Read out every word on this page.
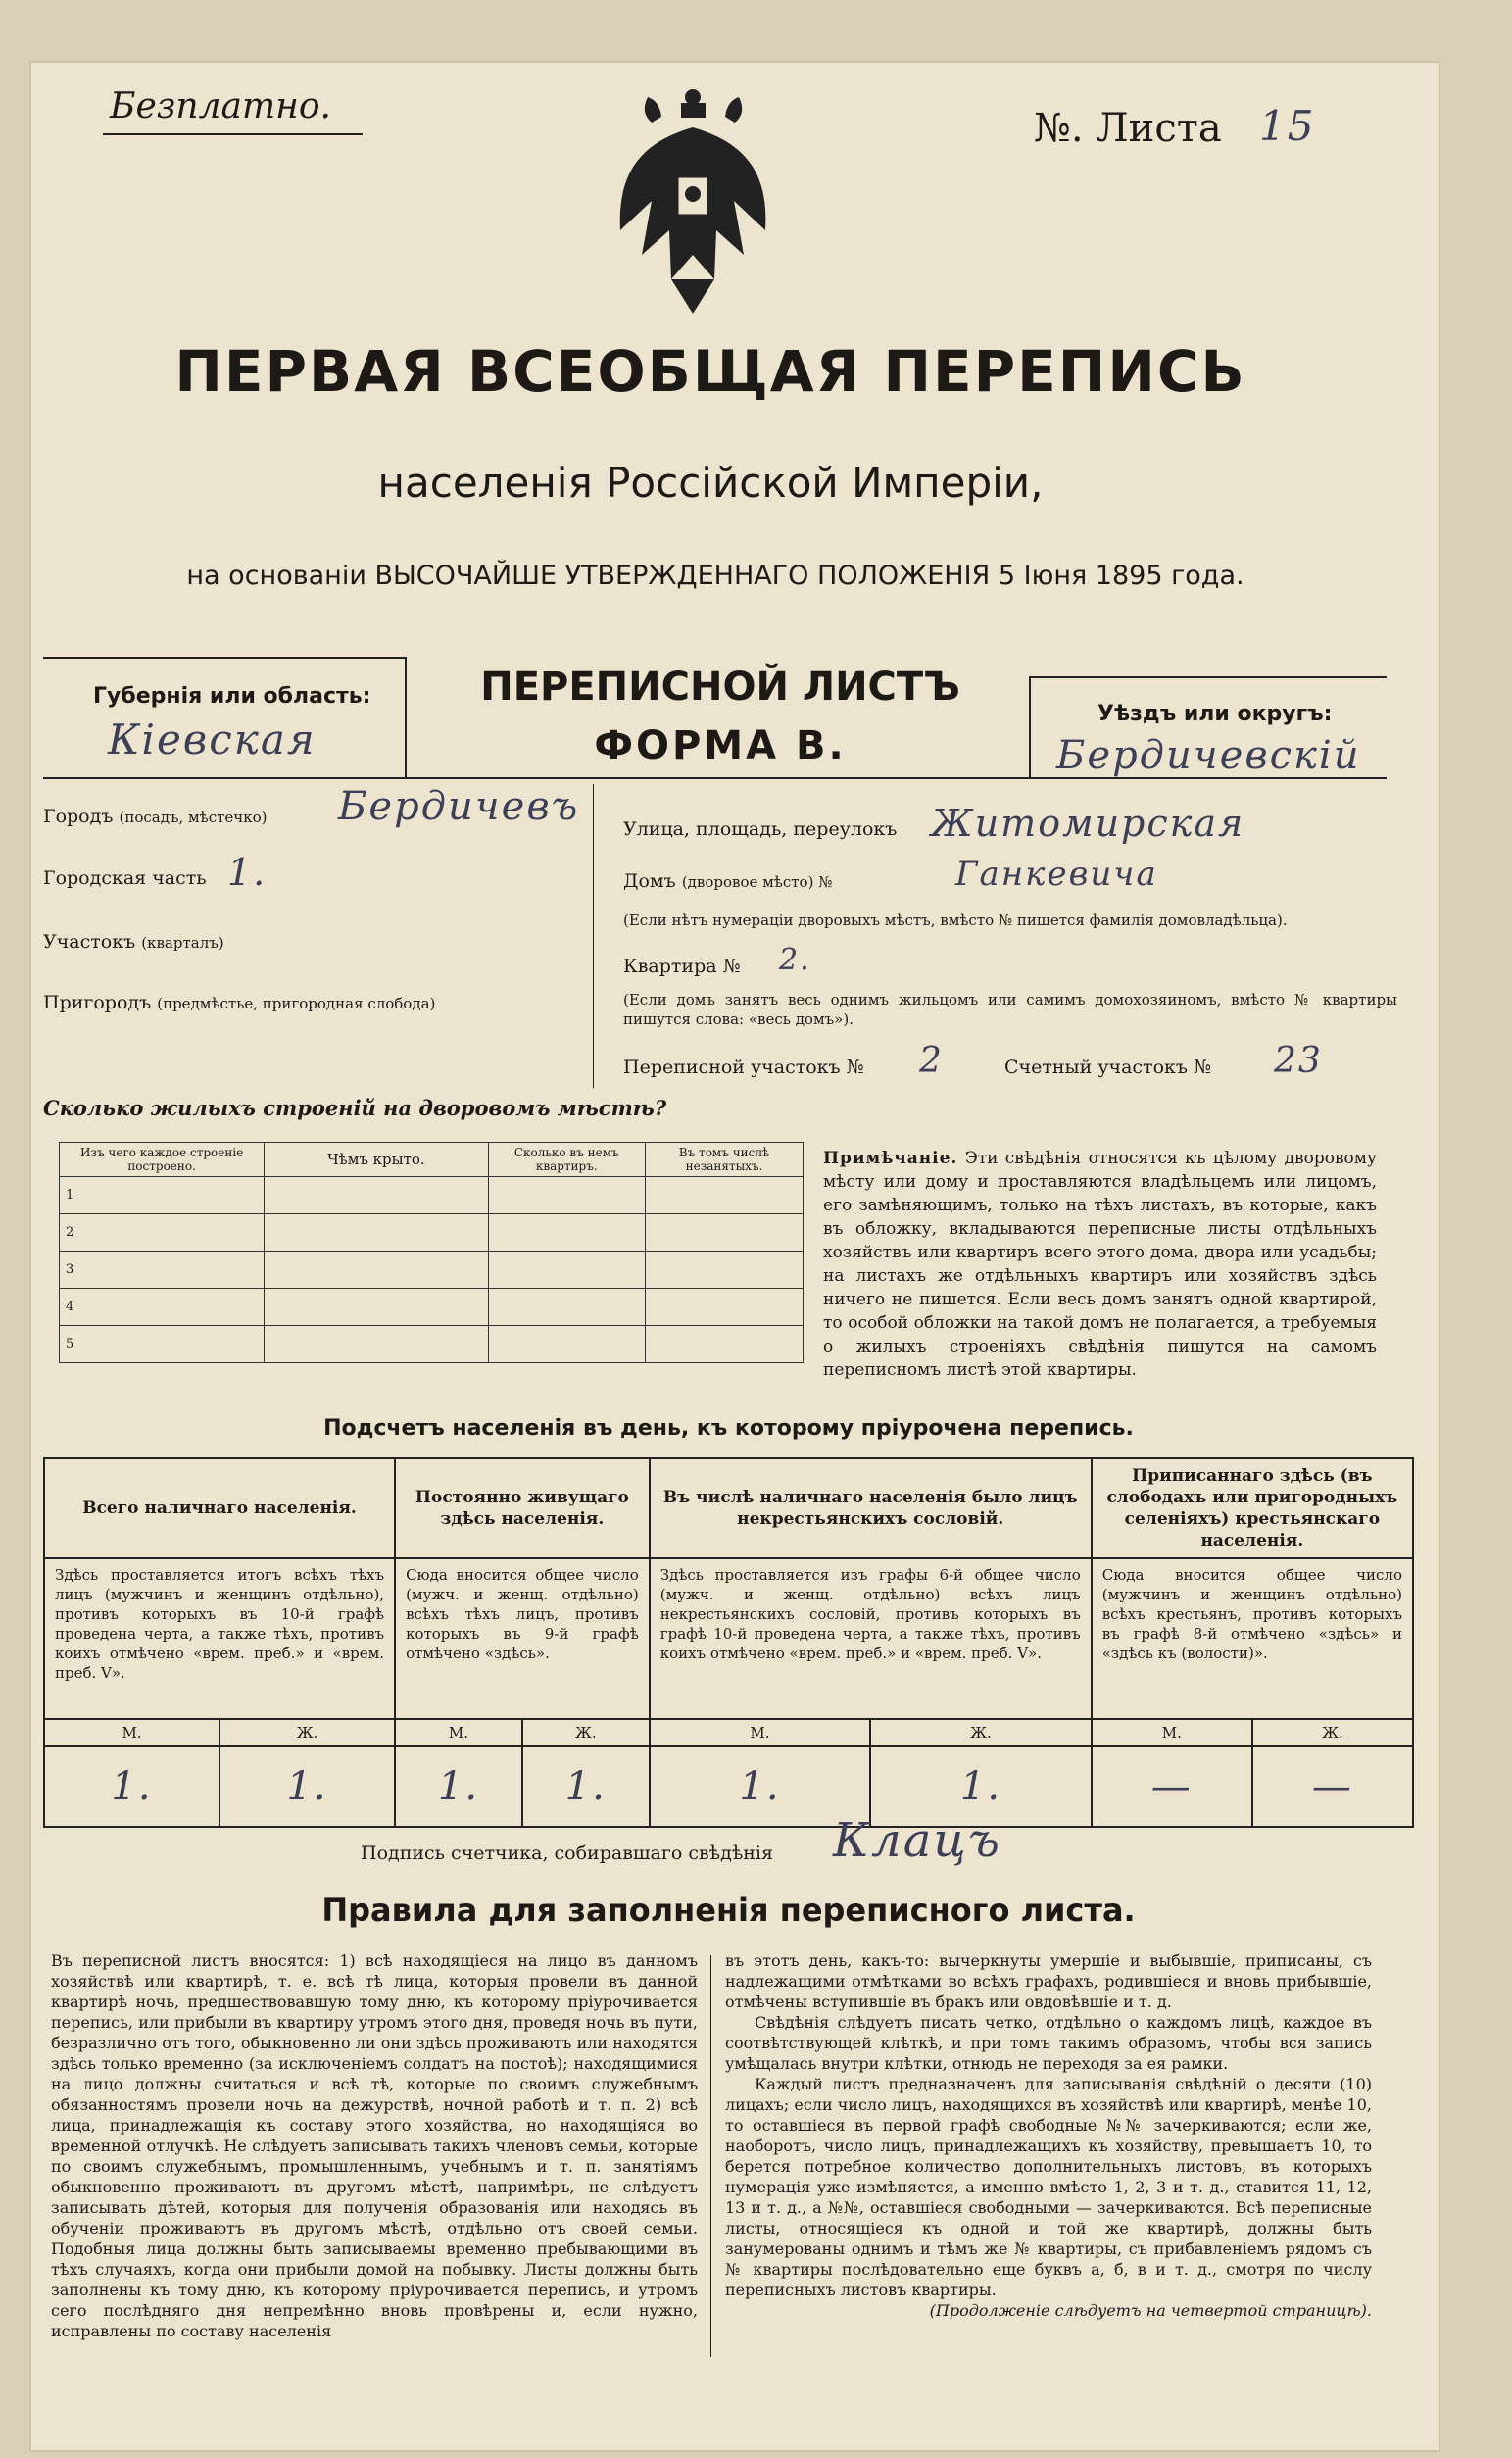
Безплатно.	№. Листа 15
ПЕРВАЯ ВСЕОБЩАЯ ПЕРЕПИСЬ
населенія Россійской Имперіи,
на основаніи ВЫСОЧАЙШЕ УТВЕРЖДЕННАГО ПОЛОЖЕНІЯ 5 Іюня 1895 года.
Губернія или область:
Кіевская
ПЕРЕПИСНОЙ ЛИСТЪ
ФОРМА В.
Уѣздъ или округъ:
Бердичевскій
Городъ (посадъ, мѣстечко) Бердичевъ
Городская часть 1.
Участокъ (кварталъ)
Пригородъ (предмѣстье, пригородная слобода)
Улица, площадь, переулокъ Житомирская
Домъ (дворовое мѣсто) №	Ганкевича
(Если нѣтъ нумераціи дворовыхъ мѣстъ, вмѣсто № пишется фамилія домовладѣльца).
Квартира № 2.
(Если домъ занятъ весь однимъ жильцомъ или самимъ домохозяиномъ, вмѣсто № квартиры пишутся слова: «весь домъ»).
Переписной участокъ № 2	Счетный участокъ № 23
Сколько жилыхъ строеній на дворовомъ мѣстѣ?
Изъ чего каждое строеніе построено.	Чѣмъ крыто.	Сколько въ немъ квартиръ.	Въ томъ числѣ незанятыхъ.
1			
2			
3			
4			
5			
Примѣчаніе. Эти свѣдѣнія относятся къ цѣлому дворовому мѣсту или дому и проставляются владѣльцемъ или лицомъ, его замѣняющимъ, только на тѣхъ листахъ, въ которые, какъ въ обложку, вкладываются переписные листы отдѣльныхъ хозяйствъ или квартиръ всего этого дома, двора или усадьбы; на листахъ же отдѣльныхъ квартиръ или хозяйствъ здѣсь ничего не пишется. Если весь домъ занятъ одной квартирой, то особой обложки на такой домъ не полагается, а требуемыя о жилыхъ строеніяхъ свѣдѣнія пишутся на самомъ переписномъ листѣ этой квартиры.
Подсчетъ населенія въ день, къ которому пріурочена перепись.
Всего наличнаго населенія.		Постоянно живущаго здѣсь населенія.		Въ числѣ наличнаго населенія было лицъ некрестьянскихъ сословій.		Приписаннаго здѣсь (въ слободахъ или пригородныхъ селеніяхъ) крестьянскаго населенія.	
Здѣсь проставляется итогъ всѣхъ тѣхъ лицъ (мужчинъ и женщинъ отдѣльно), противъ которыхъ въ 10-й графѣ проведена черта, а также тѣхъ, противъ коихъ отмѣчено «врем. преб.» и «врем. преб. V».		Сюда вносится общее число (мужч. и женщ. отдѣльно) всѣхъ тѣхъ лицъ, противъ которыхъ въ 9-й графѣ отмѣчено «здѣсь».		Здѣсь проставляется изъ графы 6-й общее число (мужч. и женщ. отдѣльно) всѣхъ лицъ некрестьянскихъ сословій, противъ которыхъ въ графѣ 10-й проведена черта, а также тѣхъ, противъ коихъ отмѣчено «врем. преб.» и «врем. преб. V».		Сюда вносится общее число (мужчинъ и женщинъ отдѣльно) всѣхъ крестьянъ, противъ которыхъ въ графѣ 8-й отмѣчено «здѣсь» и «здѣсь къ (волости)».	
М.	Ж.	М.	Ж.	М.	Ж.	М.	Ж.
1.	1.	1.	1.	1.	1.	—	—
Подпись счетчика, собиравшаго свѣдѣнія Клацъ
Правила для заполненія переписного листа.
Въ переписной листъ вносятся: 1) всѣ находящіеся на лицо въ данномъ хозяйствѣ или квартирѣ, т. е. всѣ тѣ лица, которыя провели въ данной квартирѣ ночь, предшествовавшую тому дню, къ которому пріурочивается перепись, или прибыли въ квартиру утромъ этого дня, проведя ночь въ пути, безразлично отъ того, обыкновенно ли они здѣсь проживаютъ или находятся здѣсь только временно (за исключеніемъ солдатъ на постоѣ); находящимися на лицо должны считаться и всѣ тѣ, которые по своимъ служебнымъ обязанностямъ провели ночь на дежурствѣ, ночной работѣ и т. п. 2) всѣ лица, принадлежащія къ составу этого хозяйства, но находящіяся во временной отлучкѣ. Не слѣдуетъ записывать такихъ членовъ семьи, которые по своимъ служебнымъ, промышленнымъ, учебнымъ и т. п. занятіямъ обыкновенно проживаютъ въ другомъ мѣстѣ, напримѣръ, не слѣдуетъ записывать дѣтей, которыя для полученія образованія или находясь въ обученіи проживаютъ въ другомъ мѣстѣ, отдѣльно отъ своей семьи. Подобныя лица должны быть записываемы временно пребывающими въ тѣхъ случаяхъ, когда они прибыли домой на побывку. Листы должны быть заполнены къ тому дню, къ которому пріурочивается перепись, и утромъ сего послѣдняго дня непремѣнно вновь провѣрены и, если нужно, исправлены по составу населенія
въ этотъ день, какъ-то: вычеркнуты умершіе и выбывшіе, приписаны, съ надлежащими отмѣтками во всѣхъ графахъ, родившіеся и вновь прибывшіе, отмѣчены вступившіе въ бракъ или овдовѣвшіе и т. д.
Свѣдѣнія слѣдуетъ писать четко, отдѣльно о каждомъ лицѣ, каждое въ соотвѣтствующей клѣткѣ, и при томъ такимъ образомъ, чтобы вся запись умѣщалась внутри клѣтки, отнюдь не переходя за ея рамки.
Каждый листъ предназначенъ для записыванія свѣдѣній о десяти (10) лицахъ; если число лицъ, находящихся въ хозяйствѣ или квартирѣ, менѣе 10, то оставшіеся въ первой графѣ свободные №№ зачеркиваются; если же, наоборотъ, число лицъ, принадлежащихъ къ хозяйству, превышаетъ 10, то берется потребное количество дополнительныхъ листовъ, въ которыхъ нумерація уже измѣняется, а именно вмѣсто 1, 2, 3 и т. д., ставится 11, 12, 13 и т. д., а №№, оставшіеся свободными — зачеркиваются. Всѣ переписные листы, относящіеся къ одной и той же квартирѣ, должны быть занумерованы однимъ и тѣмъ же № квартиры, съ прибавленіемъ рядомъ съ № квартиры послѣдовательно еще буквъ а, б, в и т. д., смотря по числу переписныхъ листовъ квартиры.
(Продолженіе слѣдуетъ на четвертой страницѣ).
